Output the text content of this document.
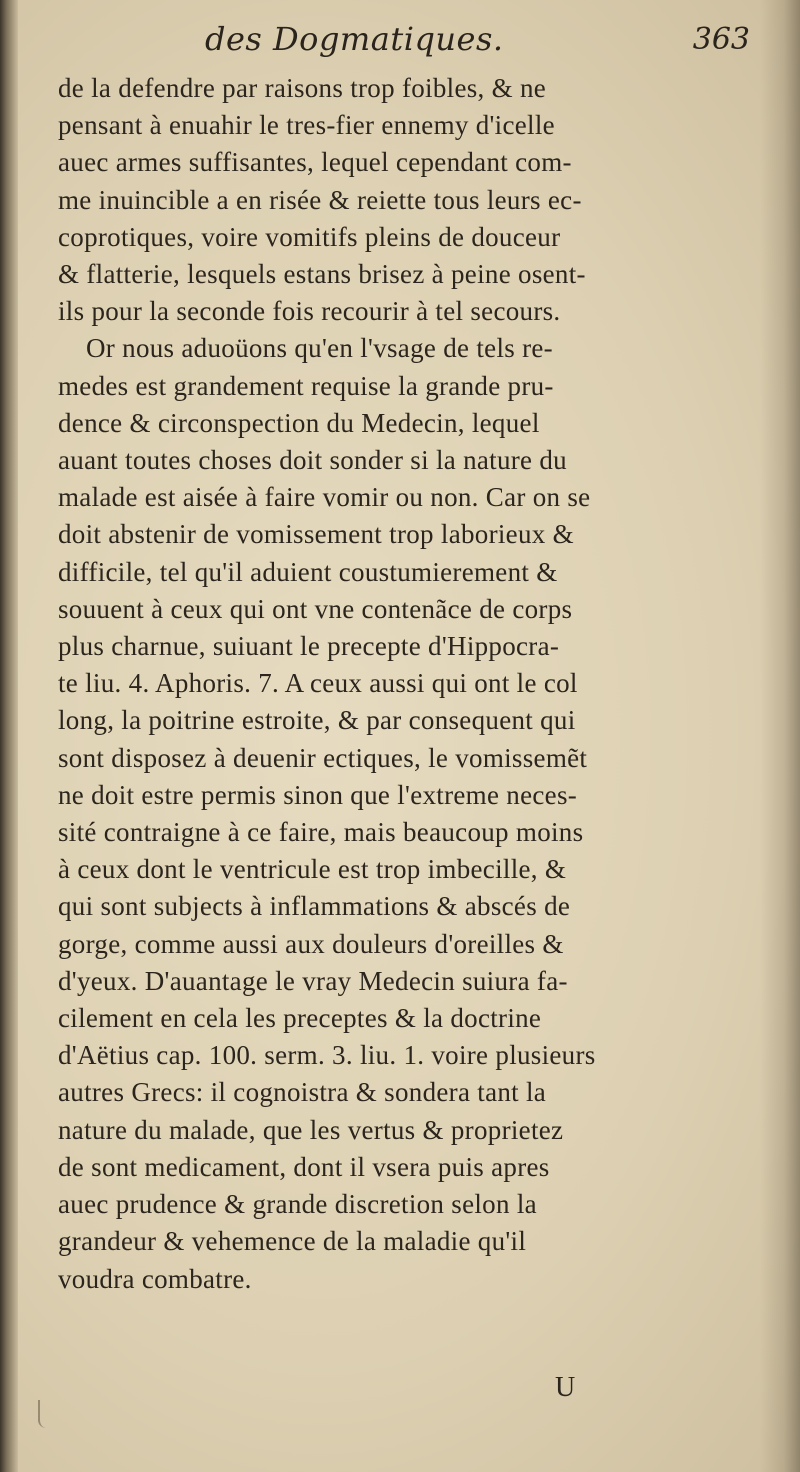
des Dogmatiques.	363
de la defendre par raisons trop foibles, & ne
pensant à enuahir le tres-fier ennemy d'icelle
auec armes suffisantes, lequel cependant com-
me inuincible a en risée & reiette tous leurs ec-
coprotiques, voire vomitifs pleins de douceur
& flatterie, lesquels estans brisez à peine osent-
ils pour la seconde fois recourir à tel secours.
Or nous aduoüons qu'en l'vsage de tels re-
medes est grandement requise la grande pru-
dence & circonspection du Medecin, lequel
auant toutes choses doit sonder si la nature du
malade est aisée à faire vomir ou non. Car on se
doit abstenir de vomissement trop laborieux &
difficile, tel qu'il aduient coustumierement &
souuent à ceux qui ont vne contenãce de corps
plus charnue, suiuant le precepte d'Hippocra-
te liu. 4. Aphoris. 7. A ceux aussi qui ont le col
long, la poitrine estroite, & par consequent qui
sont disposez à deuenir ectiques, le vomissemẽt
ne doit estre permis sinon que l'extreme neces-
sité contraigne à ce faire, mais beaucoup moins
à ceux dont le ventricule est trop imbecille, &
qui sont subjects à inflammations & abscés de
gorge, comme aussi aux douleurs d'oreilles &
d'yeux. D'auantage le vray Medecin suiura fa-
cilement en cela les preceptes & la doctrine
d'Aëtius cap. 100. serm. 3. liu. 1. voire plusieurs
autres Grecs: il cognoistra & sondera tant la
nature du malade, que les vertus & proprietez
de sont medicament, dont il vsera puis apres
auec prudence & grande discretion selon la
grandeur & vehemence de la maladie qu'il
voudra combatre.
U
